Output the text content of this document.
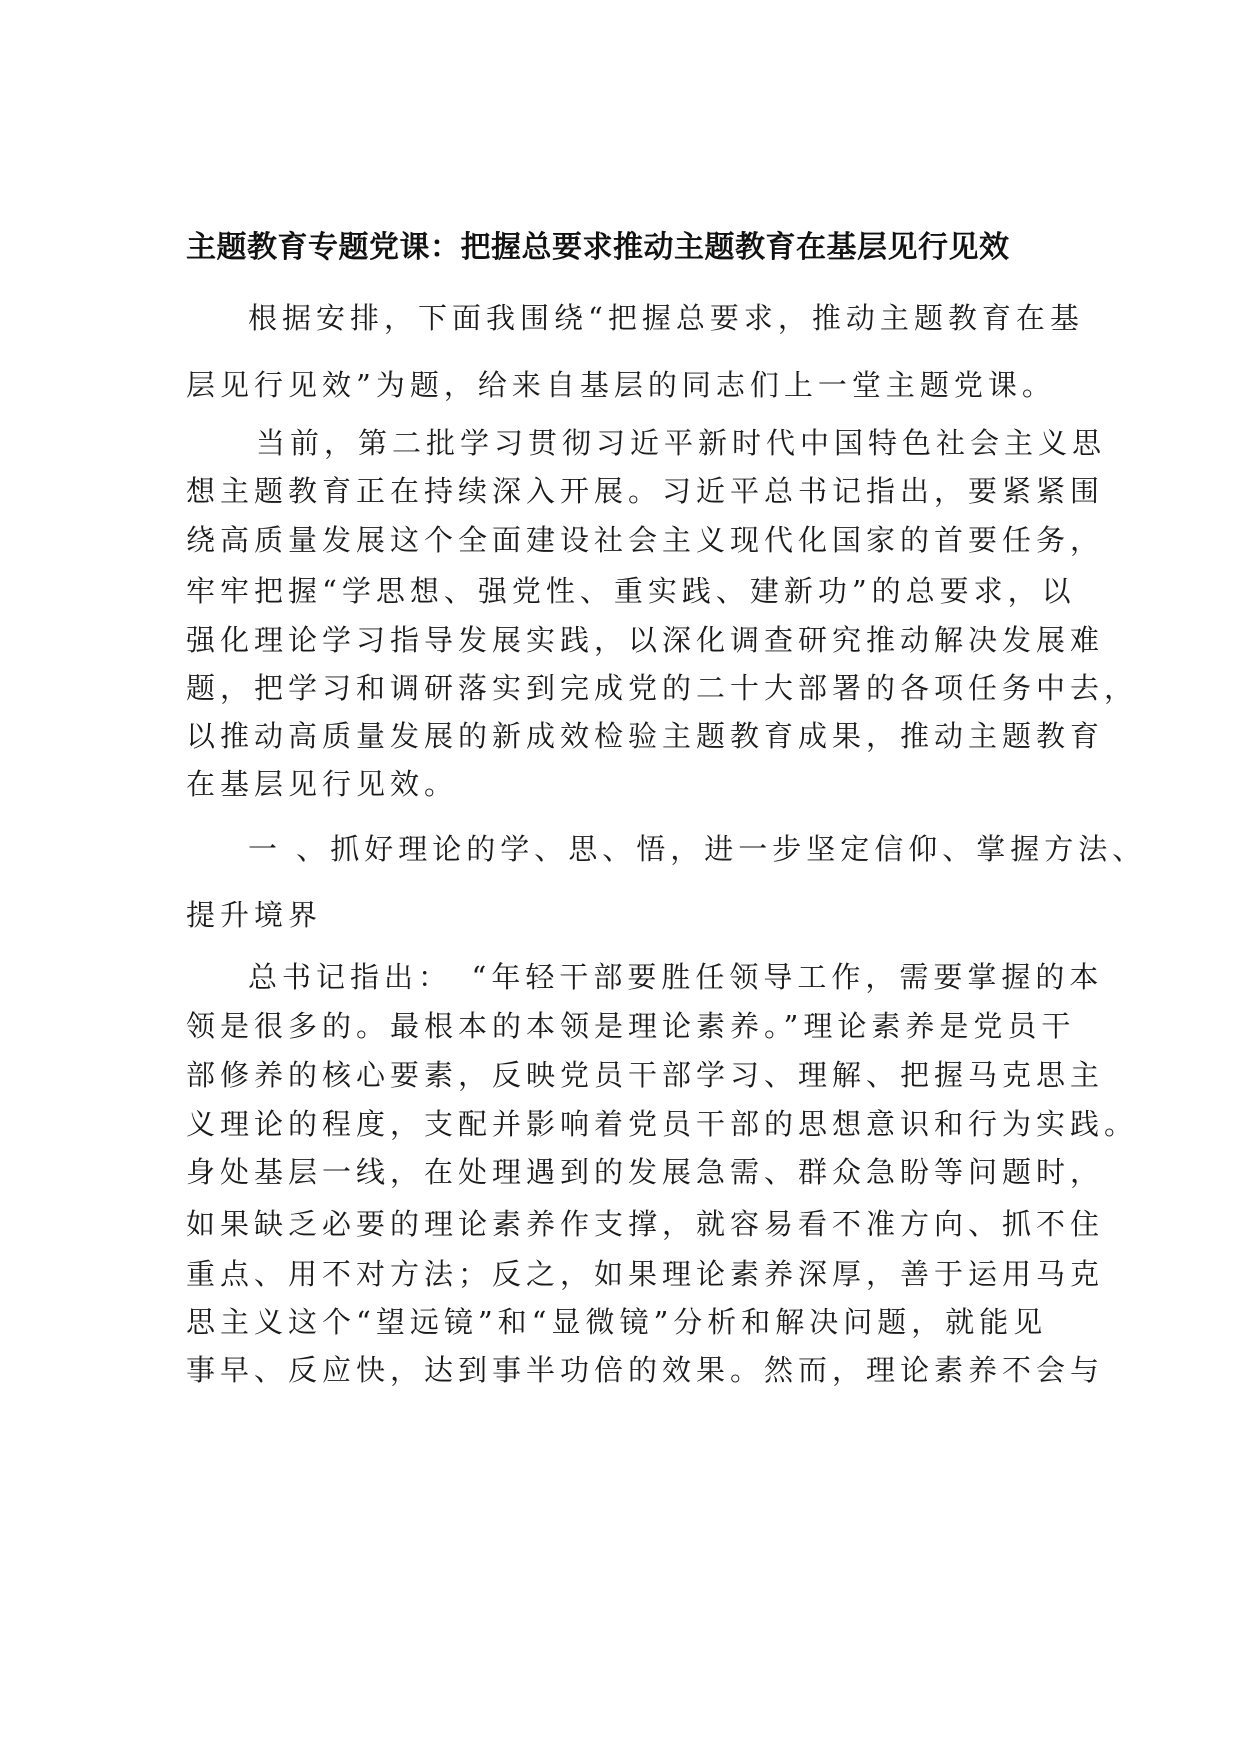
主题教育专题党课：把握总要求推动主题教育在基层见行见效
根据安排，下面我围绕“把握总要求，推动主题教育在基
层见行见效”为题，给来自基层的同志们上一堂主题党课。
当前，第二批学习贯彻习近平新时代中国特色社会主义思
想主题教育正在持续深入开展。习近平总书记指出，要紧紧围
绕高质量发展这个全面建设社会主义现代化国家的首要任务，
牢牢把握“学思想、强党性、重实践、建新功”的总要求，以
强化理论学习指导发展实践，以深化调查研究推动解决发展难
题，把学习和调研落实到完成党的二十大部署的各项任务中去，
以推动高质量发展的新成效检验主题教育成果，推动主题教育
在基层见行见效。
一 、抓好理论的学、思、悟，进一步坚定信仰、掌握方法、
提升境界
总书记指出：　“年轻干部要胜任领导工作，需要掌握的本
领是很多的。最根本的本领是理论素养。”理论素养是党员干
部修养的核心要素，反映党员干部学习、理解、把握马克思主
义理论的程度，支配并影响着党员干部的思想意识和行为实践。
身处基层一线，在处理遇到的发展急需、群众急盼等问题时，
如果缺乏必要的理论素养作支撑，就容易看不准方向、抓不住
重点、用不对方法；反之，如果理论素养深厚，善于运用马克
思主义这个“望远镜”和“显微镜”分析和解决问题，就能见
事早、反应快，达到事半功倍的效果。然而，理论素养不会与
